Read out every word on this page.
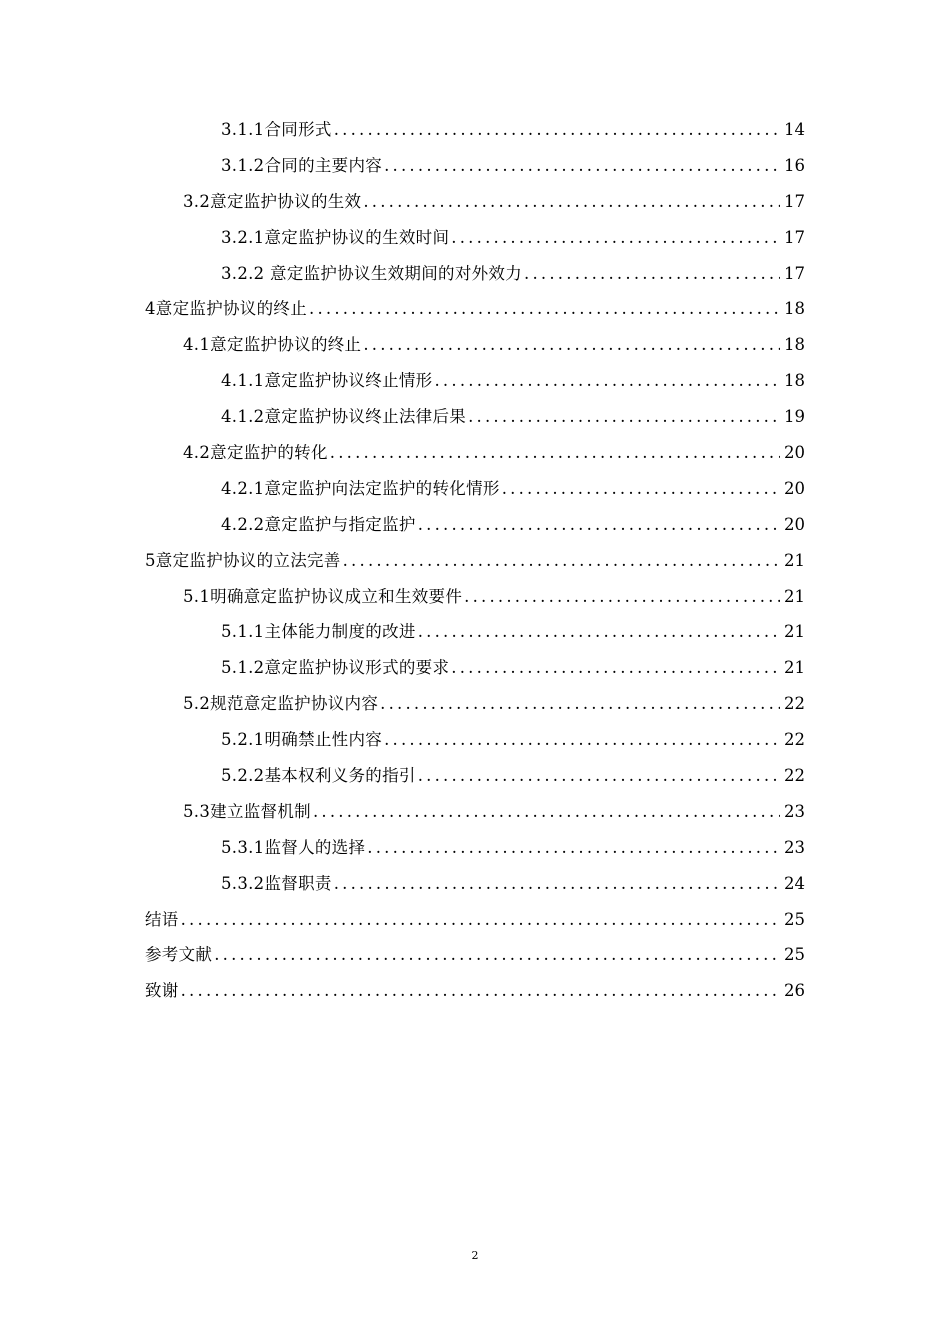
3.1.1合同形式 .....	14
3.1.2合同的主要内容 .....	16
3.2意定监护协议的生效 .....	17
3.2.1意定监护协议的生效时间 .....	17
3.2.2 意定监护协议生效期间的对外效力 .....	17
4意定监护协议的终止 .....	18
4.1意定监护协议的终止 .....	18
4.1.1意定监护协议终止情形 .....	18
4.1.2意定监护协议终止法律后果 .....	19
4.2意定监护的转化 .....	20
4.2.1意定监护向法定监护的转化情形 .....	20
4.2.2意定监护与指定监护 .....	20
5意定监护协议的立法完善 .....	21
5.1明确意定监护协议成立和生效要件 .....	21
5.1.1主体能力制度的改进 .....	21
5.1.2意定监护协议形式的要求 .....	21
5.2规范意定监护协议内容 .....	22
5.2.1明确禁止性内容 .....	22
5.2.2基本权利义务的指引 .....	22
5.3建立监督机制 .....	23
5.3.1监督人的选择 .....	23
5.3.2监督职责 .....	24
结语 .....	25
参考文献 .....	25
致谢 .....	26
2
